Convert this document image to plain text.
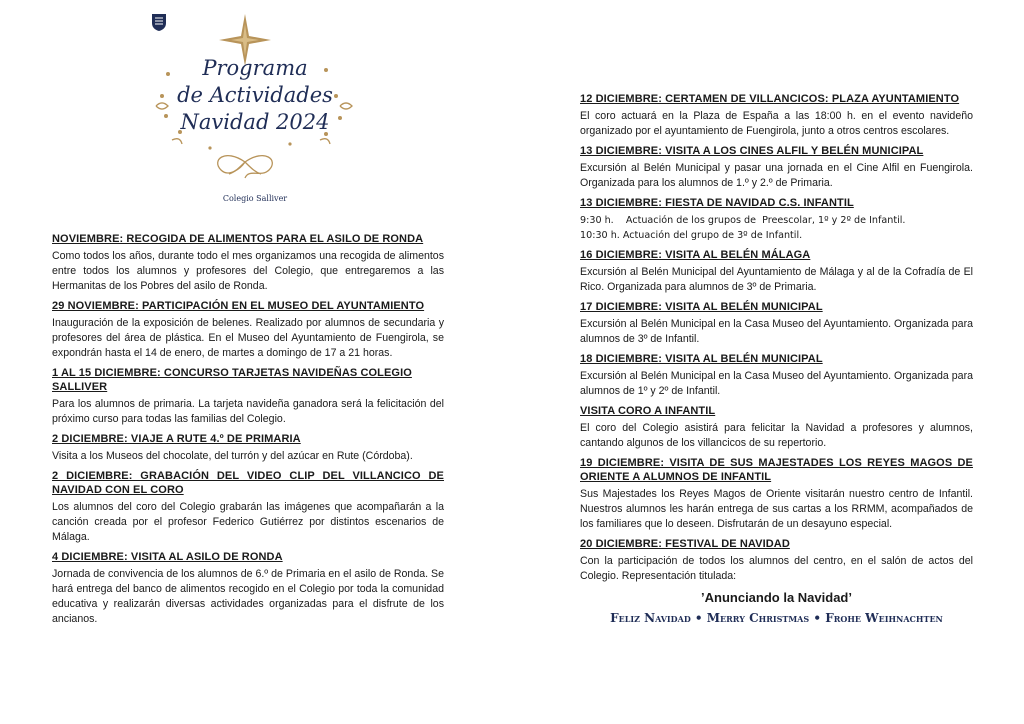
Programa
de Actividades
Navidad 2024
Colegio Salliver
NOVIEMBRE: RECOGIDA DE ALIMENTOS PARA EL ASILO DE RONDA
Como todos los años, durante todo el mes organizamos una recogida de alimentos entre todos los alumnos y profesores del Colegio, que entregaremos a las Hermanitas de los Pobres del asilo de Ronda.
29 NOVIEMBRE: PARTICIPACIÓN EN EL MUSEO DEL AYUNTAMIENTO
Inauguración de la exposición de belenes. Realizado por alumnos de secundaria y profesores del área de plástica. En el Museo del Ayuntamiento de Fuengirola, se expondrán hasta el 14 de enero, de martes a domingo de 17 a 21 horas.
1 AL 15 DICIEMBRE: CONCURSO TARJETAS NAVIDEÑAS COLEGIO SALLIVER
Para los alumnos de primaria. La tarjeta navideña ganadora será la felicitación del próximo curso para todas las familias del Colegio.
2 DICIEMBRE: VIAJE A RUTE 4.º DE PRIMARIA
Visita a los Museos del chocolate, del turrón y del azúcar en Rute (Córdoba).
2 DICIEMBRE: GRABACIÓN DEL VIDEO CLIP DEL VILLANCICO DE NAVIDAD CON EL CORO
Los alumnos del coro del Colegio grabarán las imágenes que acompañarán a la canción creada por el profesor Federico Gutiérrez por distintos escenarios de Málaga.
4 DICIEMBRE: VISITA AL ASILO DE RONDA
Jornada de convivencia de los alumnos de 6.º de Primaria en el asilo de Ronda. Se hará entrega del banco de alimentos recogido en el Colegio por toda la comunidad educativa y realizarán diversas actividades organizadas para el disfrute de los ancianos.
12 DICIEMBRE: CERTAMEN DE VILLANCICOS: PLAZA AYUNTAMIENTO
El coro actuará en la Plaza de España a las 18:00 h. en el evento navideño organizado por el ayuntamiento de Fuengirola, junto a otros centros escolares.
13 DICIEMBRE: VISITA A LOS CINES ALFIL Y BELÉN MUNICIPAL
Excursión al Belén Municipal y pasar una jornada en el Cine Alfil en Fuengirola. Organizada para los alumnos de 1.º y 2.º de Primaria.
13 DICIEMBRE: FIESTA DE NAVIDAD C.S. INFANTIL

9:30 h.    Actuación de los grupos de  Preescolar, 1º y 2º de Infantil.

10:30 h. Actuación del grupo de 3º de Infantil.

16 DICIEMBRE: VISITA AL BELÉN MÁLAGA
Excursión al Belén Municipal del Ayuntamiento de Málaga y al de la Cofradía de El Rico. Organizada para alumnos de 3º de Primaria.
17 DICIEMBRE: VISITA AL BELÉN MUNICIPAL
Excursión al Belén Municipal en la Casa Museo del Ayuntamiento. Organizada para alumnos de 3º de Infantil.
18 DICIEMBRE: VISITA AL BELÉN MUNICIPAL
Excursión al Belén Municipal en la Casa Museo del Ayuntamiento. Organizada para alumnos de 1º y 2º de Infantil.
VISITA CORO A INFANTIL
El coro del Colegio asistirá para felicitar la Navidad a profesores y alumnos, cantando algunos de los villancicos de su repertorio.
19 DICIEMBRE: VISITA DE SUS MAJESTADES LOS REYES MAGOS DE ORIENTE A ALUMNOS DE INFANTIL
Sus Majestades los Reyes Magos de Oriente visitarán nuestro centro de Infantil. Nuestros alumnos les harán entrega de sus cartas a los RRMM, acompañados de los familiares que lo deseen. Disfrutarán de un desayuno especial.
20 DICIEMBRE: FESTIVAL DE NAVIDAD
Con la participación de todos los alumnos del centro, en el salón de actos del Colegio. Representación titulada:
’Anunciando la Navidad’
Feliz Navidad • Merry Christmas • Frohe Weihnachten
